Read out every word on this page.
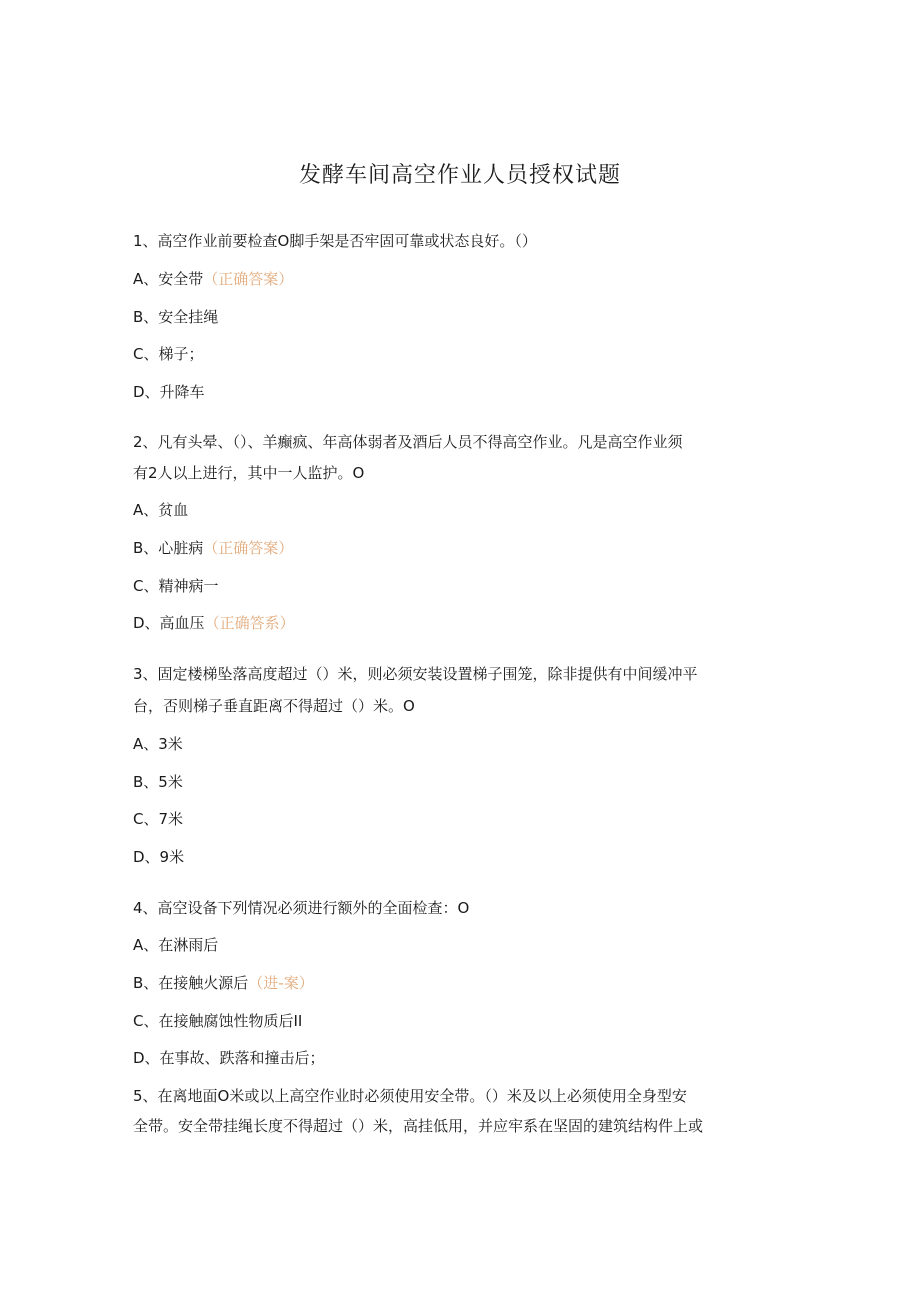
发酵车间高空作业人员授权试题
1、高空作业前要检查O脚手架是否牢固可靠或状态良好。（）
A、安全带（正确答案）
B、安全挂绳
C、梯子；
D、升降车
2、凡有头晕、（）、羊癫疯、年高体弱者及酒后人员不得高空作业。凡是高空作业须
有2人以上进行，其中一人监护。O
A、贫血
B、心脏病（正确答案）
C、精神病一
D、高血压（正确答系）
3、固定楼梯坠落高度超过（）米，则必须安装设置梯子围笼，除非提供有中间缓冲平
台，否则梯子垂直距离不得超过（）米。O
A、3米
B、5米
C、7米
D、9米
4、高空设备下列情况必须进行额外的全面检查：O
A、在淋雨后
B、在接触火源后（进-案）
C、在接触腐蚀性物质后II
D、在事故、跌落和撞击后；
5、在离地面O米或以上高空作业时必须使用安全带。（）米及以上必须使用全身型安
全带。安全带挂绳长度不得超过（）米，高挂低用，并应牢系在坚固的建筑结构件上或
